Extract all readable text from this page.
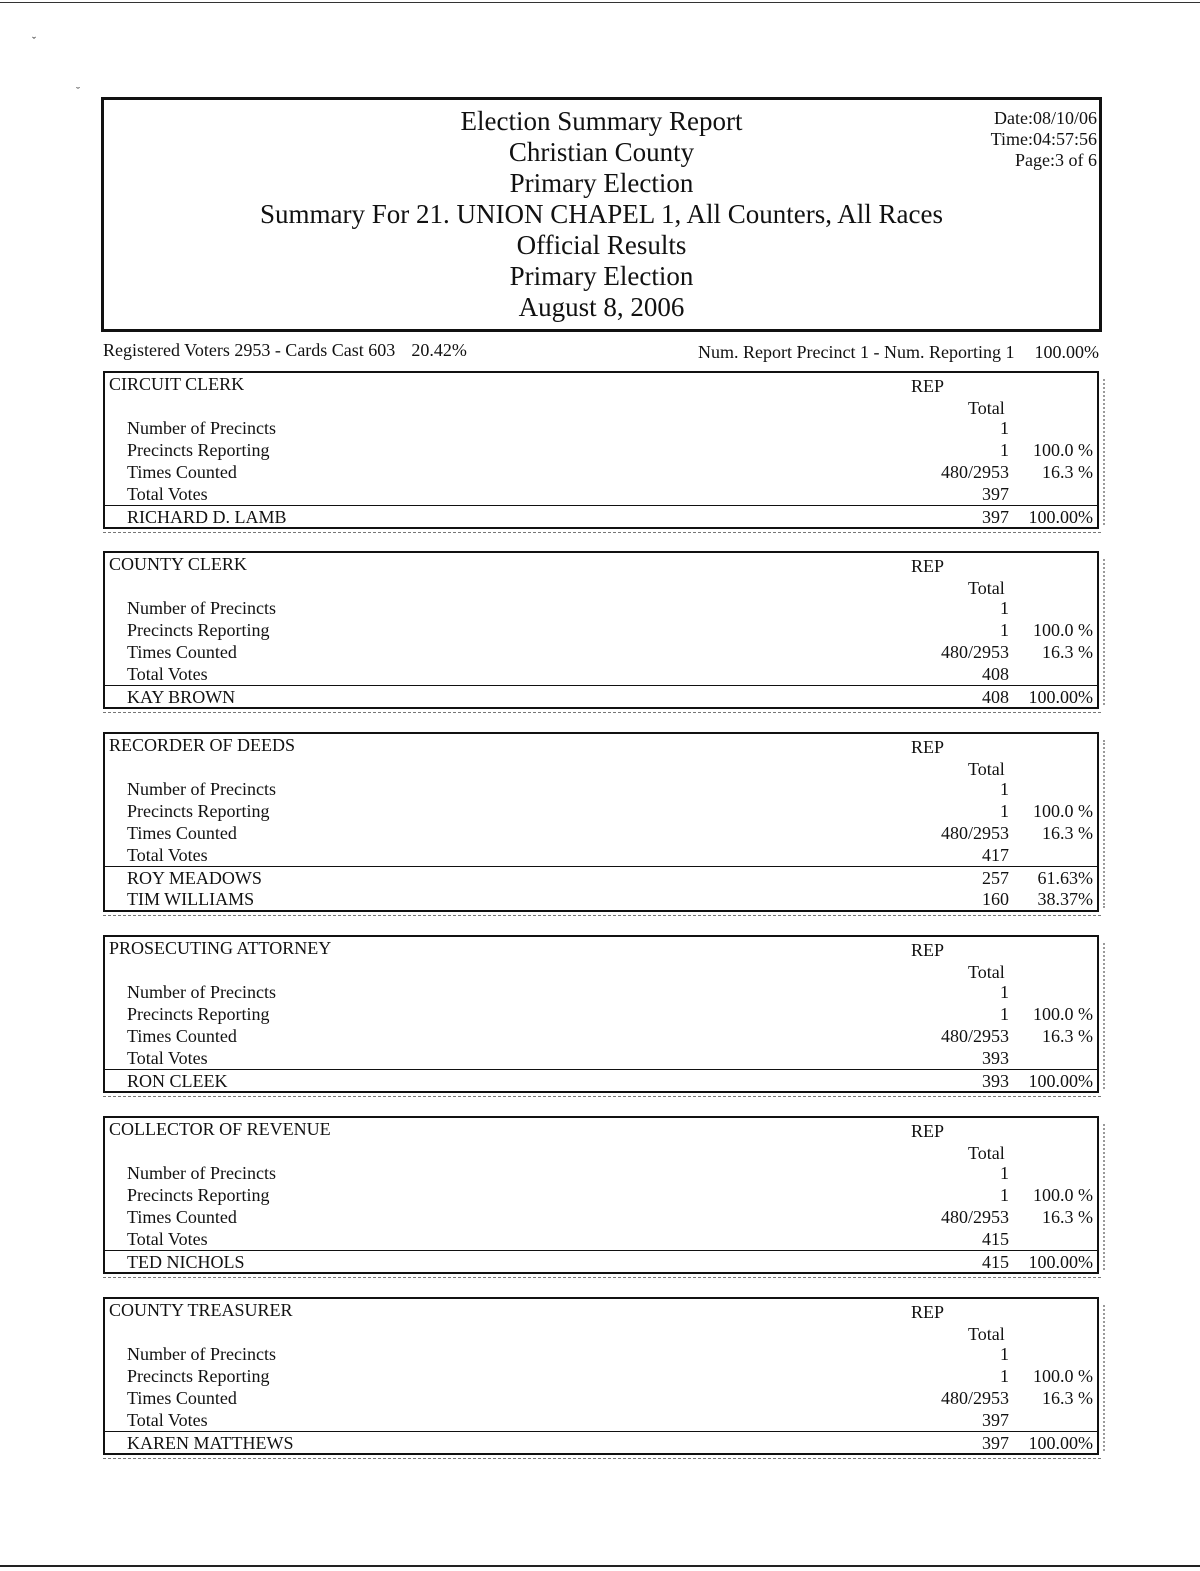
ˇ
˘
Election Summary Report
Christian County
Primary Election
Summary For 21. UNION CHAPEL 1, All Counters, All Races
Official Results
Primary Election
August 8, 2006
Date:08/10/06
Time:04:57:56
Page:3 of 6
Registered Voters 2953 - Cards Cast 603 20.42%	Num. Report Precinct 1 - Num. Reporting 1 100.00%
CIRCUIT CLERK	REP
Total
Number of Precincts	1
Precincts Reporting	1 100.0 %
Times Counted	480/2953 16.3 %
Total Votes	397
RICHARD D. LAMB	397 100.00%
COUNTY CLERK	REP
Total
Number of Precincts	1
Precincts Reporting	1 100.0 %
Times Counted	480/2953 16.3 %
Total Votes	408
KAY BROWN	408 100.00%
RECORDER OF DEEDS	REP
Total
Number of Precincts	1
Precincts Reporting	1 100.0 %
Times Counted	480/2953 16.3 %
Total Votes	417
ROY MEADOWS	257 61.63%
TIM WILLIAMS	160 38.37%
PROSECUTING ATTORNEY	REP
Total
Number of Precincts	1
Precincts Reporting	1 100.0 %
Times Counted	480/2953 16.3 %
Total Votes	393
RON CLEEK	393 100.00%
COLLECTOR OF REVENUE	REP
Total
Number of Precincts	1
Precincts Reporting	1 100.0 %
Times Counted	480/2953 16.3 %
Total Votes	415
TED NICHOLS	415 100.00%
COUNTY TREASURER	REP
Total
Number of Precincts	1
Precincts Reporting	1 100.0 %
Times Counted	480/2953 16.3 %
Total Votes	397
KAREN MATTHEWS	397 100.00%
